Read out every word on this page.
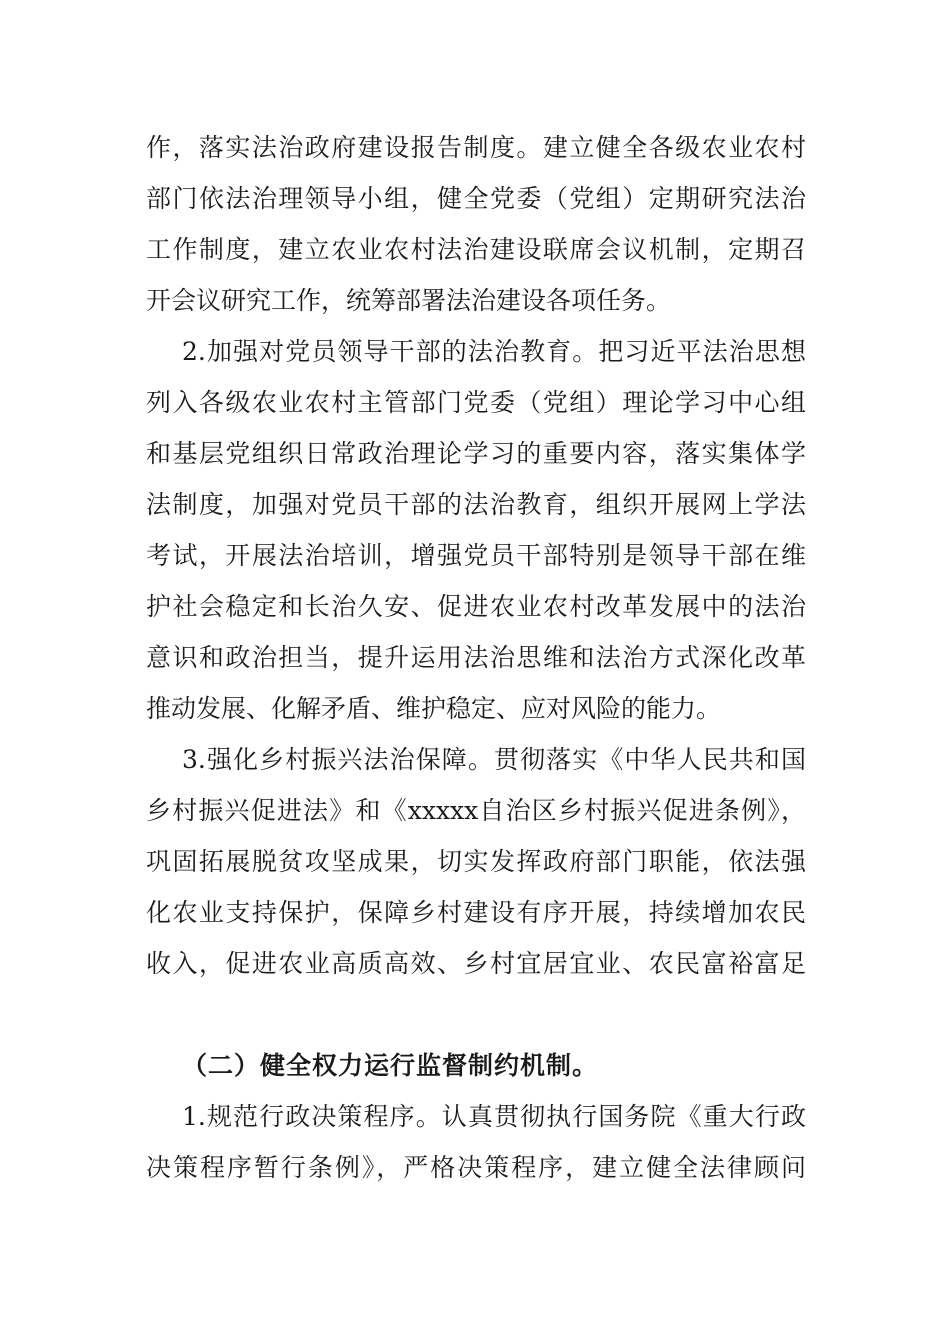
作，落实法治政府建设报告制度。建立健全各级农业农村
部门依法治理领导小组，健全党委（党组）定期研究法治
工作制度，建立农业农村法治建设联席会议机制，定期召
开会议研究工作，统筹部署法治建设各项任务。
2.加强对党员领导干部的法治教育。把习近平法治思想
列入各级农业农村主管部门党委（党组）理论学习中心组
和基层党组织日常政治理论学习的重要内容，落实集体学
法制度，加强对党员干部的法治教育，组织开展网上学法
考试，开展法治培训，增强党员干部特别是领导干部在维
护社会稳定和长治久安、促进农业农村改革发展中的法治
意识和政治担当，提升运用法治思维和法治方式深化改革
推动发展、化解矛盾、维护稳定、应对风险的能力。
3.强化乡村振兴法治保障。贯彻落实《中华人民共和国
乡村振兴促进法》和《xxxxx自治区乡村振兴促进条例》，
巩固拓展脱贫攻坚成果，切实发挥政府部门职能，依法强
化农业支持保护，保障乡村建设有序开展，持续增加农民
收入，促进农业高质高效、乡村宜居宜业、农民富裕富足
（二）健全权力运行监督制约机制。
1.规范行政决策程序。认真贯彻执行国务院《重大行政
决策程序暂行条例》，严格决策程序，建立健全法律顾问
